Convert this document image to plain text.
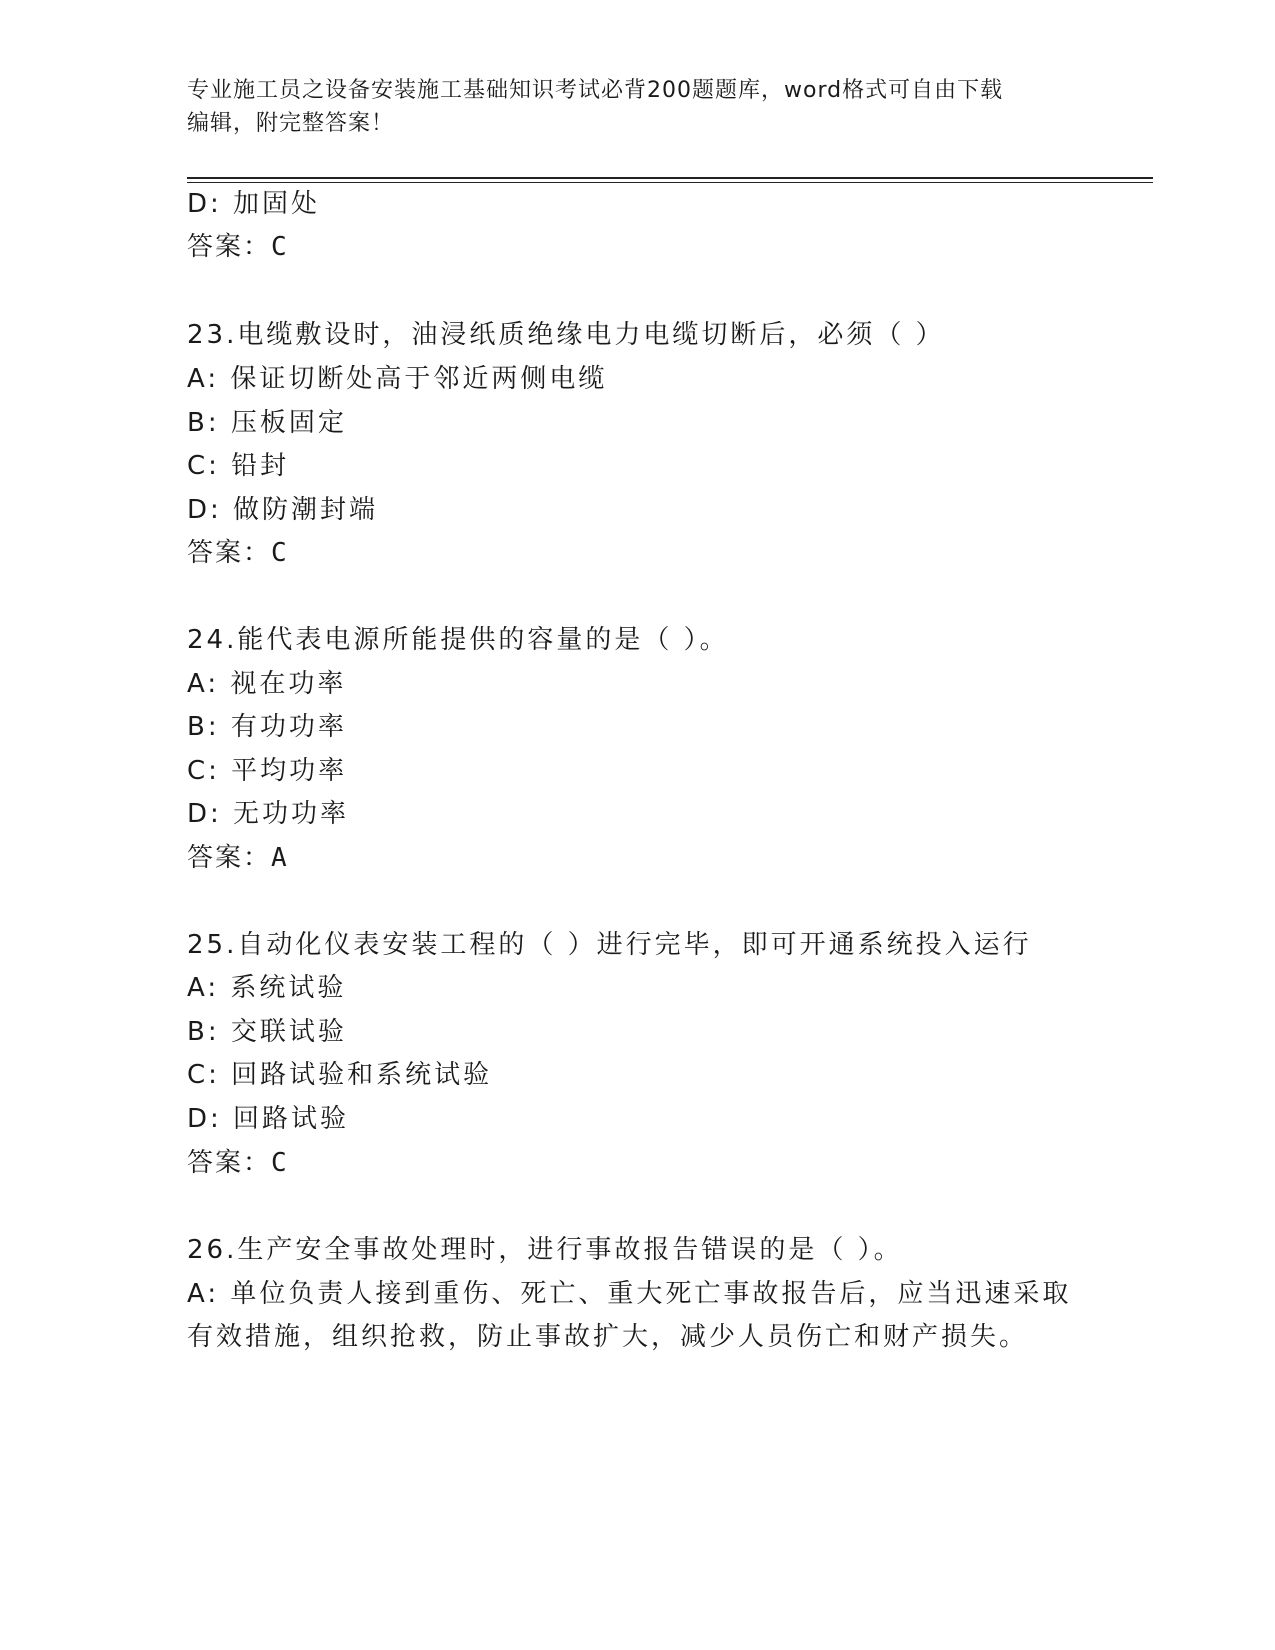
专业施工员之设备安装施工基础知识考试必背200题题库，word格式可自由下载
编辑，附完整答案！
D: 加固处
答案：C
23.电缆敷设时，油浸纸质绝缘电力电缆切断后，必须（ ）
A: 保证切断处高于邻近两侧电缆
B: 压板固定
C: 铅封
D: 做防潮封端
答案：C
24.能代表电源所能提供的容量的是（ ）。
A: 视在功率
B: 有功功率
C: 平均功率
D: 无功功率
答案：A
25.自动化仪表安装工程的（ ）进行完毕，即可开通系统投入运行
A: 系统试验
B: 交联试验
C: 回路试验和系统试验
D: 回路试验
答案：C
26.生产安全事故处理时，进行事故报告错误的是（ ）。
A: 单位负责人接到重伤、死亡、重大死亡事故报告后，应当迅速采取
有效措施，组织抢救，防止事故扩大，减少人员伤亡和财产损失。
